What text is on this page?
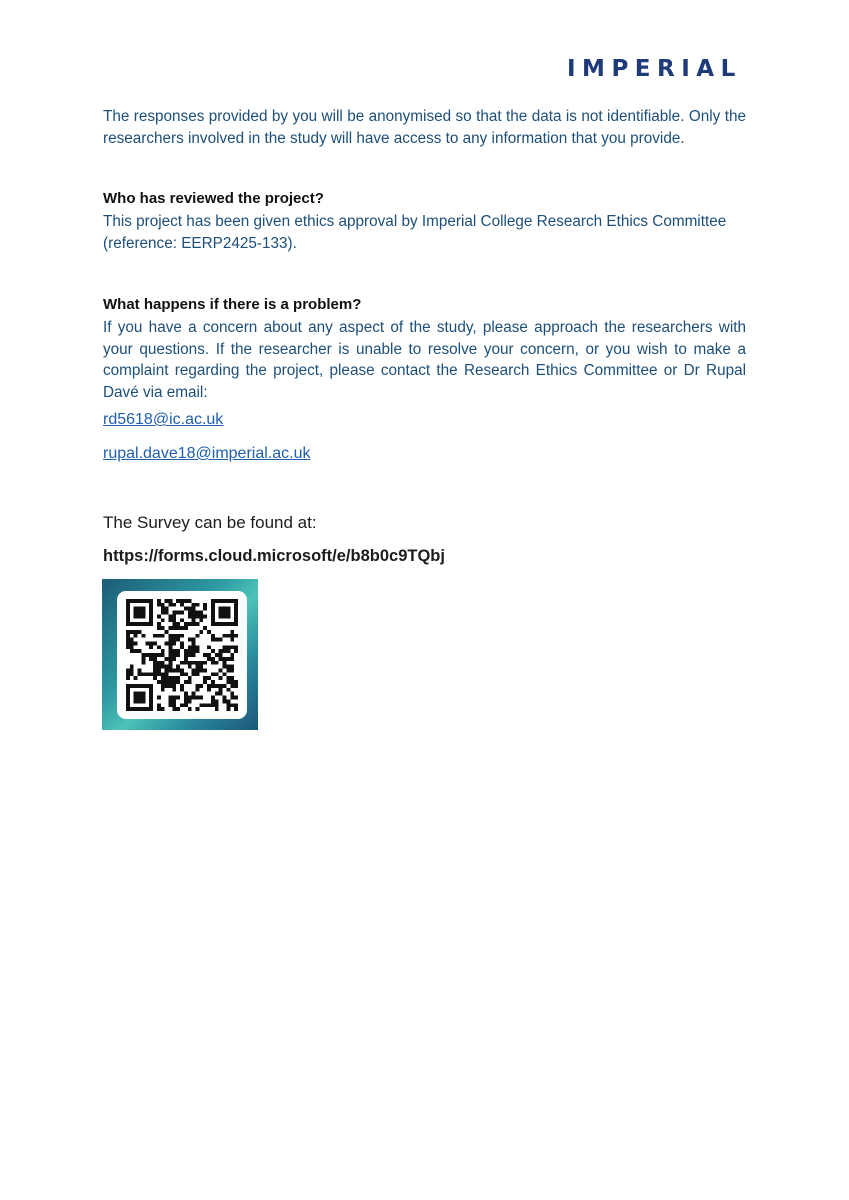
IMPERIAL

The responses provided by you will be anonymised so that the data is not identifiable. Only the researchers involved in the study will have access to any information that you provide.

Who has reviewed the project?

This project has been given ethics approval by Imperial College Research Ethics Committee (reference: EERP2425-133).

What happens if there is a problem?

If you have a concern about any aspect of the study, please approach the researchers with your questions. If the researcher is unable to resolve your concern, or you wish to make a complaint regarding the project, please contact the Research Ethics Committee or Dr Rupal Davé via email:

rd5618@ic.ac.uk
rupal.dave18@imperial.ac.uk
The Survey can be found at:
https://forms.cloud.microsoft/e/b8b0c9TQbj
